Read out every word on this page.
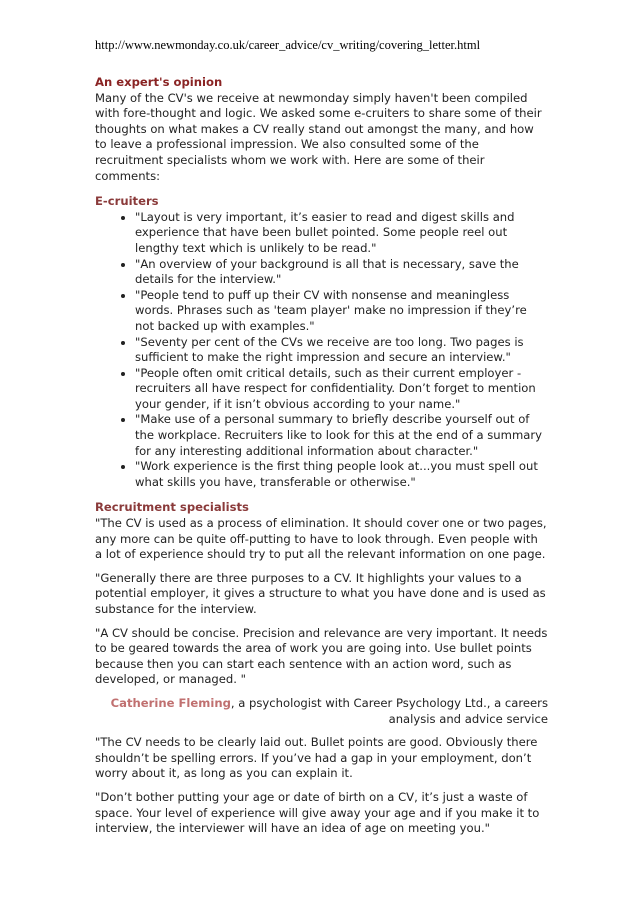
http://www.newmonday.co.uk/career_advice/cv_writing/covering_letter.html
An expert's opinion

Many of the CV's we receive at newmonday simply haven't been compiled with fore-thought and logic. We asked some e-cruiters to share some of their thoughts on what makes a CV really stand out amongst the many, and how to leave a professional impression. We also consulted some of the recruitment specialists whom we work with. Here are some of their comments:

E-cruiters
• "Layout is very important, it’s easier to read and digest skills and experience that have been bullet pointed. Some people reel out lengthy text which is unlikely to be read."
• "An overview of your background is all that is necessary, save the details for the interview."
• "People tend to puff up their CV with nonsense and meaningless words. Phrases such as 'team player' make no impression if they’re not backed up with examples."
• "Seventy per cent of the CVs we receive are too long. Two pages is sufficient to make the right impression and secure an interview."
• "People often omit critical details, such as their current employer - recruiters all have respect for confidentiality. Don’t forget to mention your gender, if it isn’t obvious according to your name."
• "Make use of a personal summary to briefly describe yourself out of the workplace. Recruiters like to look for this at the end of a summary for any interesting additional information about character."
• "Work experience is the first thing people look at...you must spell out what skills you have, transferable or otherwise."
Recruitment specialists

"The CV is used as a process of elimination. It should cover one or two pages, any more can be quite off-putting to have to look through. Even people with a lot of experience should try to put all the relevant information on one page.

"Generally there are three purposes to a CV. It highlights your values to a potential employer, it gives a structure to what you have done and is used as substance for the interview.

"A CV should be concise. Precision and relevance are very important. It needs to be geared towards the area of work you are going into. Use bullet points because then you can start each sentence with an action word, such as developed, or managed. "

Catherine Fleming, a psychologist with Career Psychology Ltd., a careers analysis and advice service

"The CV needs to be clearly laid out. Bullet points are good. Obviously there shouldn’t be spelling errors. If you’ve had a gap in your employment, don’t worry about it, as long as you can explain it.

"Don’t bother putting your age or date of birth on a CV, it’s just a waste of space. Your level of experience will give away your age and if you make it to interview, the interviewer will have an idea of age on meeting you."
